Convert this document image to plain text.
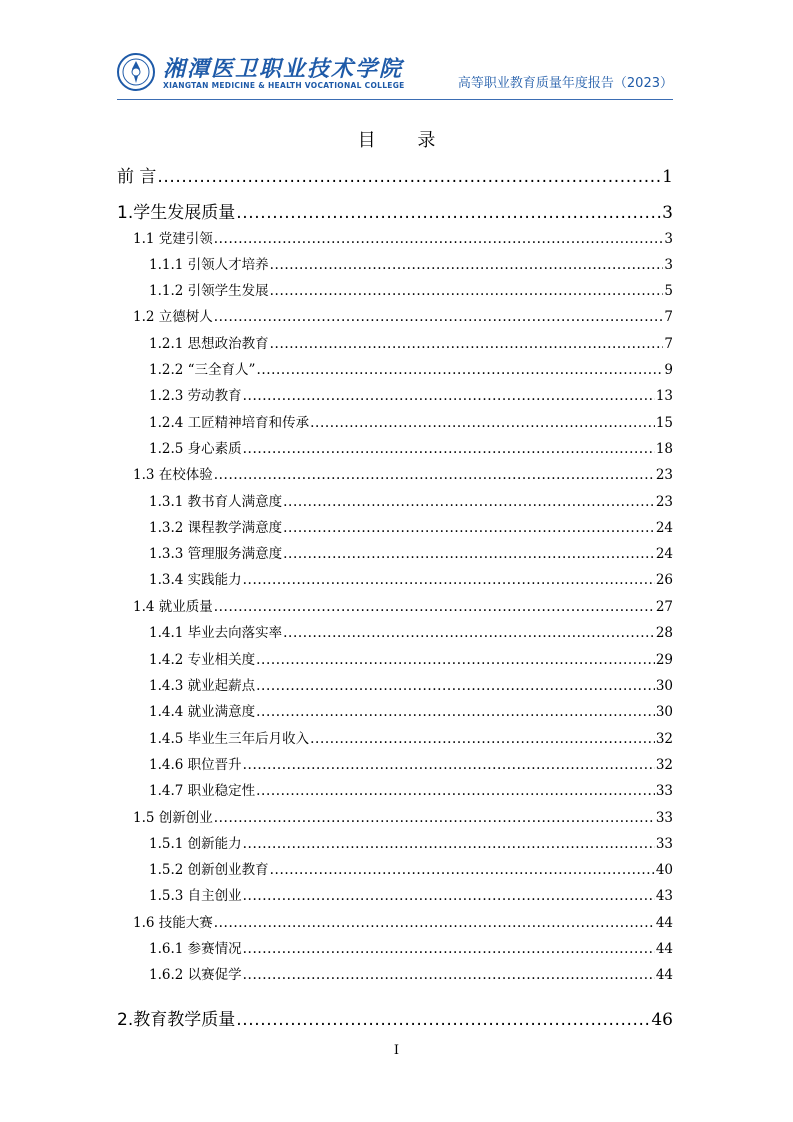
湘潭医卫职业技术学院
XIANGTAN MEDICINE & HEALTH VOCATIONAL COLLEGE	高等职业教育质量年度报告（2023）
目 录
前 言 .....	1
1.学生发展质量 .....	3
1.1 党建引领 .....	3
1.1.1 引领人才培养 .....	3
1.1.2 引领学生发展 .....	5
1.2 立德树人 .....	7
1.2.1 思想政治教育 .....	7
1.2.2 “三全育人” .....	9
1.2.3 劳动教育 .....	13
1.2.4 工匠精神培育和传承 .....	15
1.2.5 身心素质 .....	18
1.3 在校体验 .....	23
1.3.1 教书育人满意度 .....	23
1.3.2 课程教学满意度 .....	24
1.3.3 管理服务满意度 .....	24
1.3.4 实践能力 .....	26
1.4 就业质量 .....	27
1.4.1 毕业去向落实率 .....	28
1.4.2 专业相关度 .....	29
1.4.3 就业起薪点 .....	30
1.4.4 就业满意度 .....	30
1.4.5 毕业生三年后月收入 .....	32
1.4.6 职位晋升 .....	32
1.4.7 职业稳定性 .....	33
1.5 创新创业 .....	33
1.5.1 创新能力 .....	33
1.5.2 创新创业教育 .....	40
1.5.3 自主创业 .....	43
1.6 技能大赛 .....	44
1.6.1 参赛情况 .....	44
1.6.2 以赛促学 .....	44
2.教育教学质量 .....	46
I
